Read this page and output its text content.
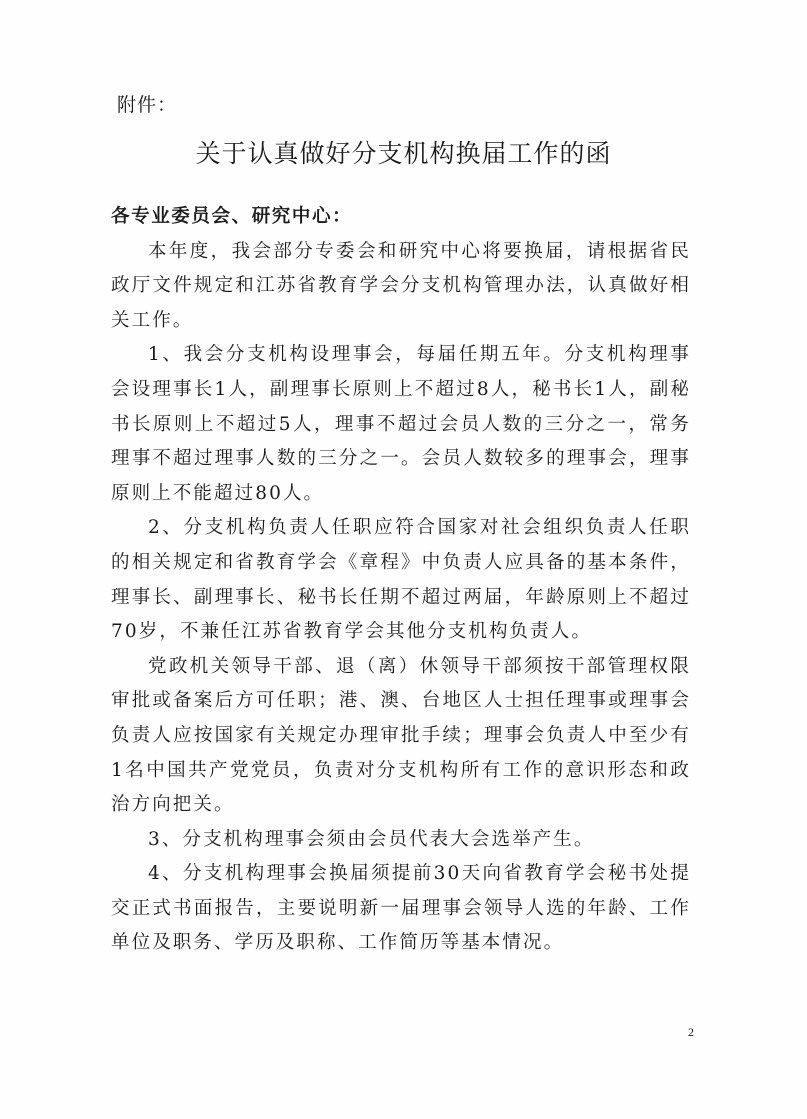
附件：
关于认真做好分支机构换届工作的函

各专业委员会、研究中心：

本年度，我会部分专委会和研究中心将要换届，请根据省民政厅文件规定和江苏省教育学会分支机构管理办法，认真做好相关工作。

1、我会分支机构设理事会，每届任期五年。分支机构理事会设理事长1人，副理事长原则上不超过8人，秘书长1人，副秘书长原则上不超过5人，理事不超过会员人数的三分之一，常务理事不超过理事人数的三分之一。会员人数较多的理事会，理事原则上不能超过80人。

2、分支机构负责人任职应符合国家对社会组织负责人任职的相关规定和省教育学会《章程》中负责人应具备的基本条件，理事长、副理事长、秘书长任期不超过两届，年龄原则上不超过70岁，不兼任江苏省教育学会其他分支机构负责人。

党政机关领导干部、退（离）休领导干部须按干部管理权限审批或备案后方可任职；港、澳、台地区人士担任理事或理事会负责人应按国家有关规定办理审批手续；理事会负责人中至少有1名中国共产党党员，负责对分支机构所有工作的意识形态和政治方向把关。

3、分支机构理事会须由会员代表大会选举产生。

4、分支机构理事会换届须提前30天向省教育学会秘书处提交正式书面报告，主要说明新一届理事会领导人选的年龄、工作单位及职务、学历及职称、工作简历等基本情况。

2
